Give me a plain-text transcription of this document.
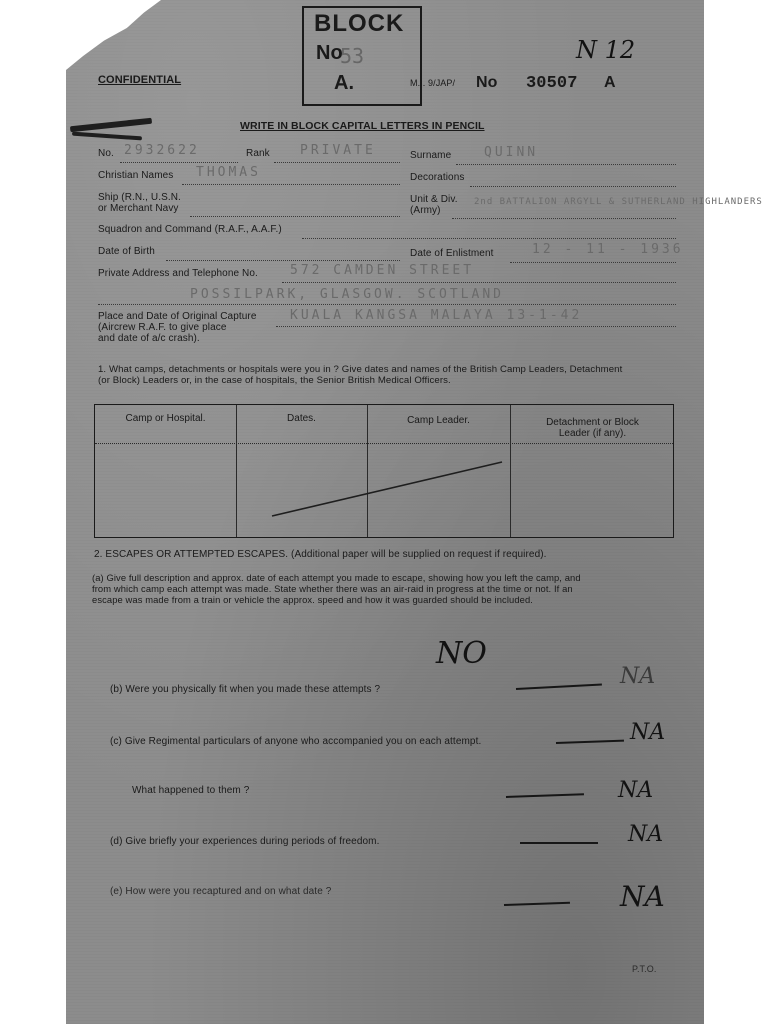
BLOCK
No
53
A.
N 12
CONFIDENTIAL	M.I. 9/JAP/ No 30507 A
WRITE IN BLOCK CAPITAL LETTERS IN PENCIL
No. 2932622	Rank PRIVATE	Surname	QUINN
Christian Names THOMAS	Decorations
Ship (R.N., U.S.N.
or Merchant Navy
Unit & Div.
(Army)
2nd BATTALION ARGYLL & SUTHERLAND HIGHLANDERS
Squadron and Command (R.A.F., A.A.F.)
Date of Birth	Date of Enlistment	12 - 11 - 1936
Private Address and Telephone No. 572 CAMDEN STREET
POSSILPARK, GLASGOW. SCOTLAND
Place and Date of Original Capture
(Aircrew R.A.F. to give place
and date of a/c crash).
KUALA KANGSA MALAYA 13-1-42
1. What camps, detachments or hospitals were you in ? Give dates and names of the British Camp Leaders, Detachment
(or Block) Leaders or, in the case of hospitals, the Senior British Medical Officers.
Camp or Hospital.	Dates.	Camp Leader.	Detachment or Block
Leader (if any).
2. ESCAPES OR ATTEMPTED ESCAPES. (Additional paper will be supplied on request if required).
(a) Give full description and approx. date of each attempt you made to escape, showing how you left the camp, and
from which camp each attempt was made. State whether there was an air-raid in progress at the time or not. If an
escape was made from a train or vehicle the approx. speed and how it was guarded should be included.
NO
(b) Were you physically fit when you made these attempts ?
NA
(c) Give Regimental particulars of anyone who accompanied you on each attempt.	NA
What happened to them ?	NA
(d) Give briefly your experiences during periods of freedom.	NA
(e) How were you recaptured and on what date ?	NA
P.T.O.
